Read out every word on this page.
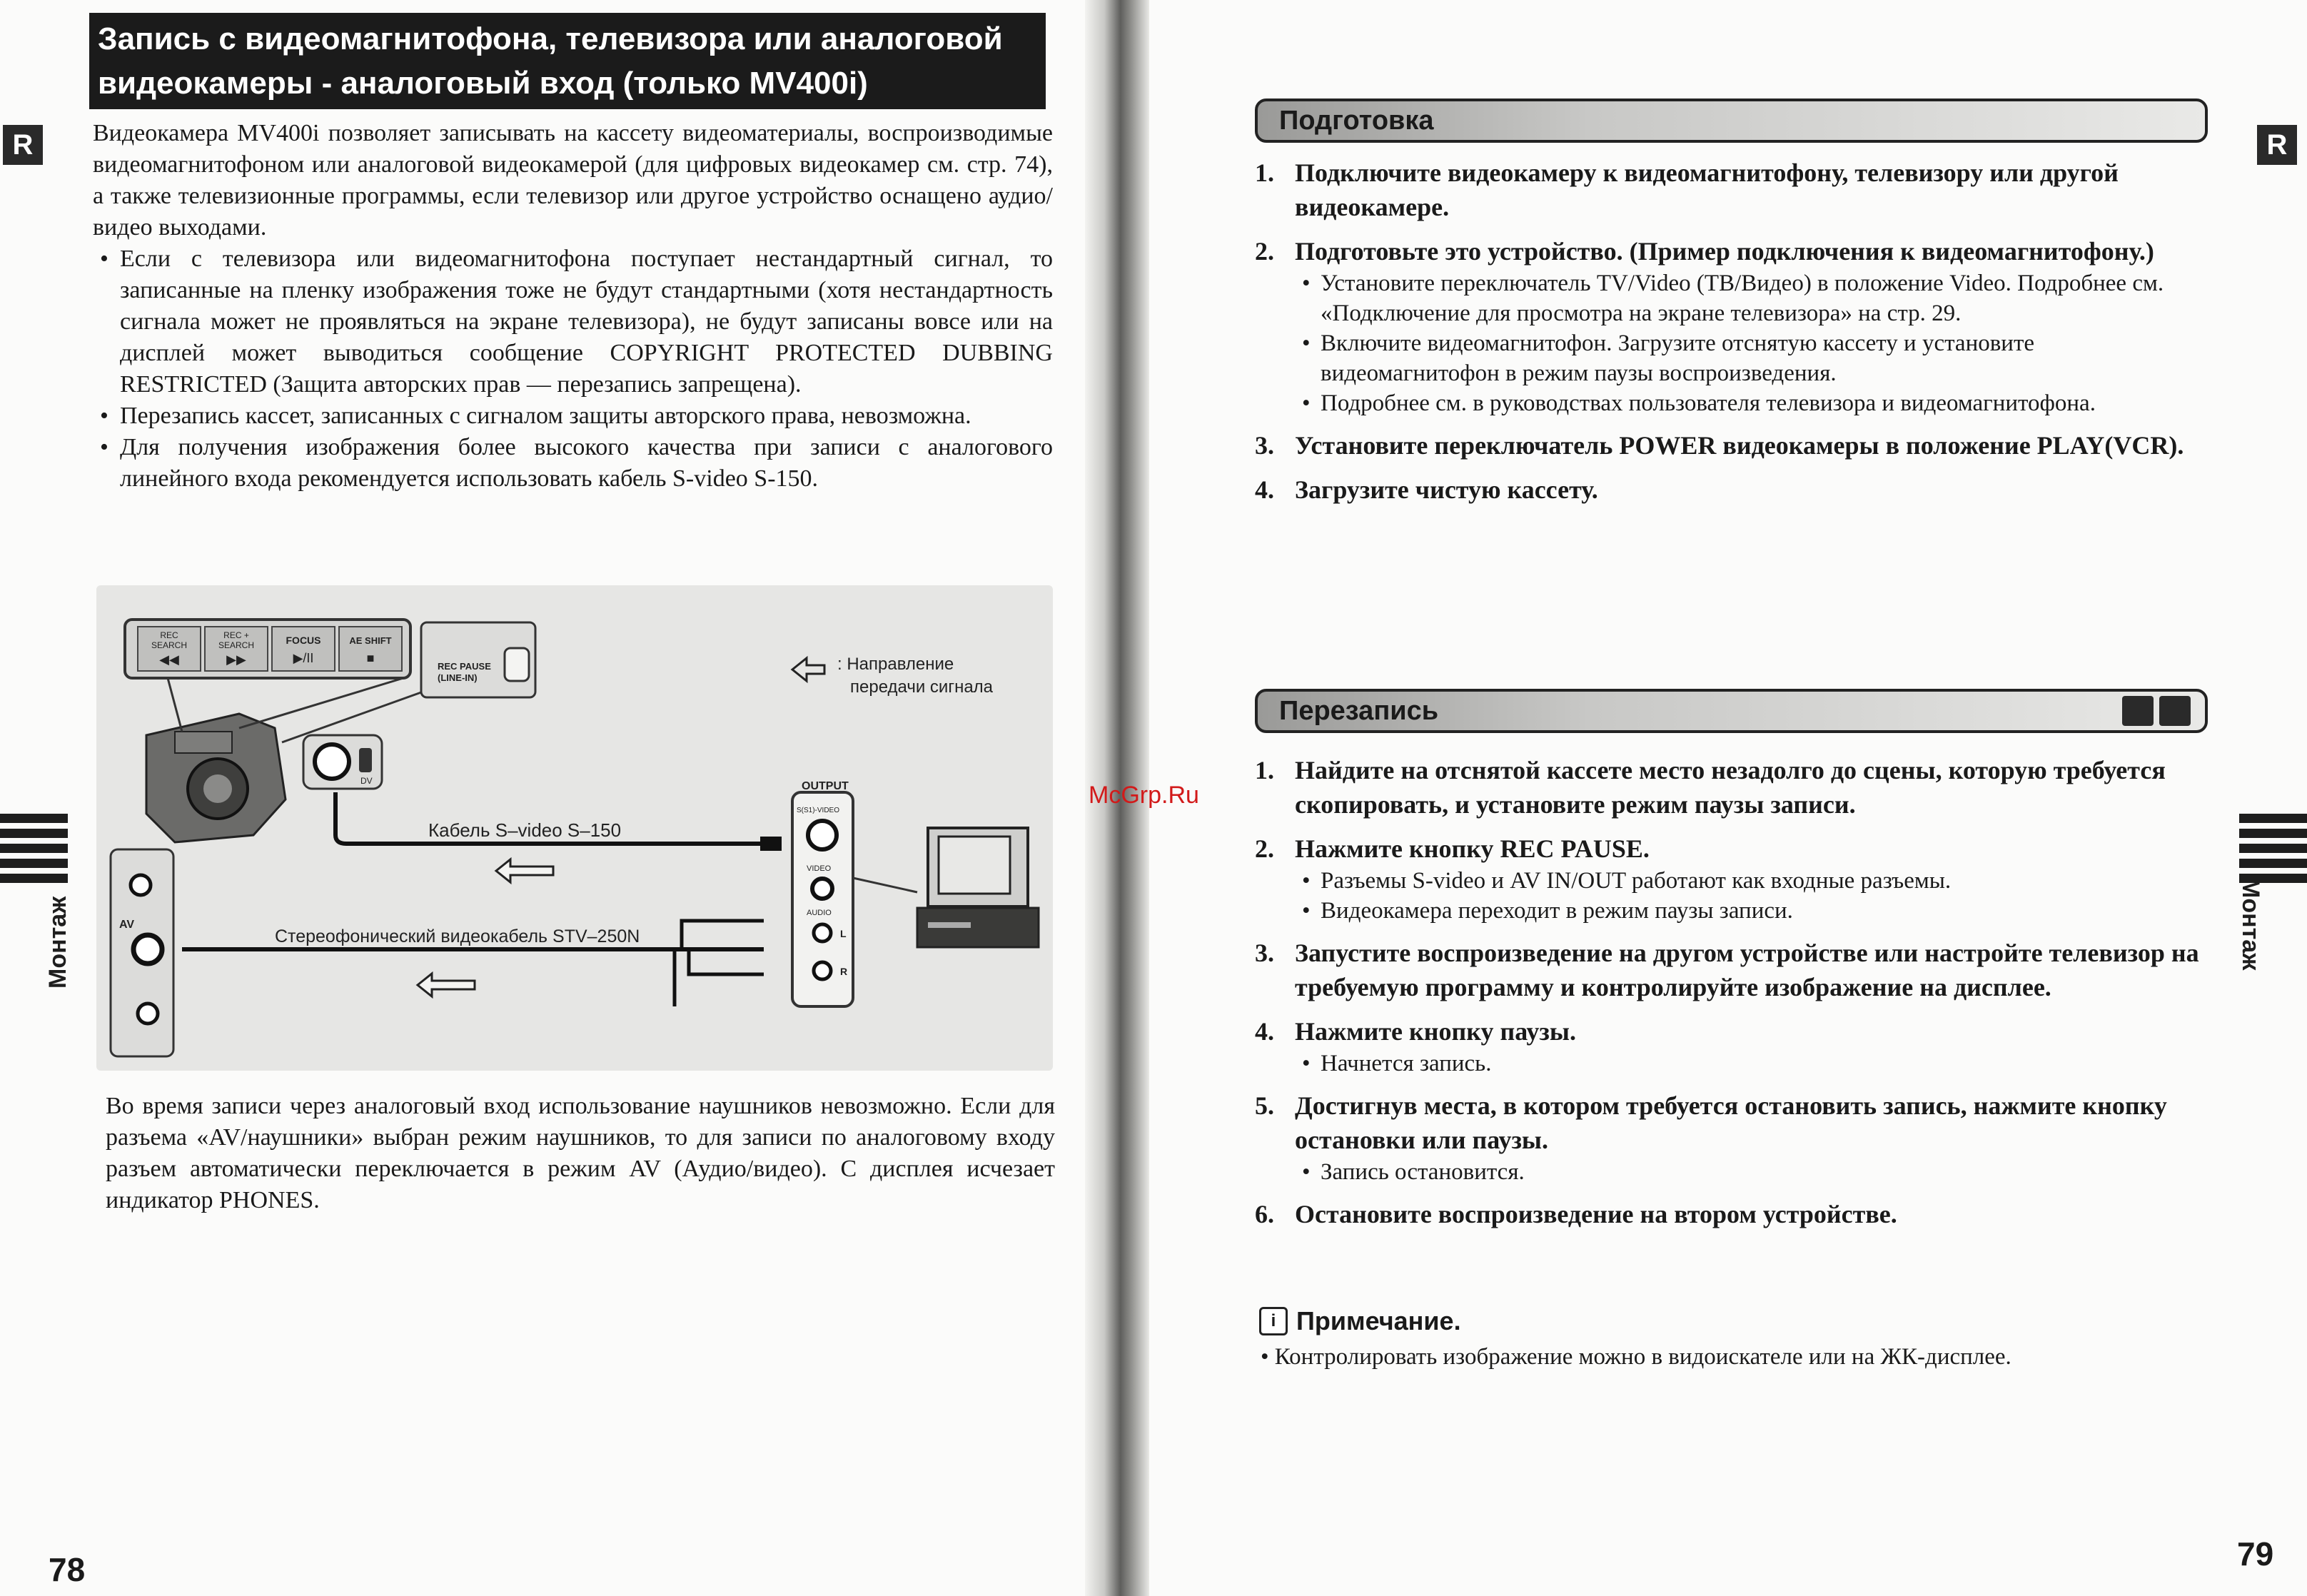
R	R
Монтаж	Монтаж
Запись с видеомагнитофона, телевизора или аналоговой
видеокамеры - аналоговый вход (только MV400i)

Видеокамера MV400i позволяет записывать на кассету видеоматериалы, воспроизводимые видеомагнитофоном или аналоговой видеокамерой (для цифровых видеокамер см. стр. 74), а также телевизионные программы, если телевизор или другое устройство оснащено аудио/видео выходами.

• Если с телевизора или видеомагнитофона поступает нестандартный сигнал, то записанные на пленку изображения тоже не будут стандартными (хотя нестандартность сигнала может не проявляться на экране телевизора), не будут записаны вовсе или на дисплей может выводиться сообщение COPYRIGHT PROTECTED DUBBING RESTRICTED (Защита авторских прав — перезапись запрещена).
• Перезапись кассет, записанных с сигналом защиты авторского права, невозможна.
• Для получения изображения более высокого качества при записи с аналогового линейного входа рекомендуется использовать кабель S-video S-150.
REC
SEARCH
◀◀
REC +
SEARCH
▶▶
FOCUS
▶/II
AE SHIFT
■
REC PAUSE
(LINE-IN)
: Направление
передачи сигнала
DV
Кабель S–video S–150
OUTPUT
S(S1)-VIDEO
VIDEO
AUDIO
L
R
AV
Стереофонический видеокабель STV–250N
Во время записи через аналоговый вход использование наушников невозможно. Если для разъема «AV/наушники» выбран режим наушников, то для записи по аналоговому входу разъем автоматически переключается в режим AV (Аудио/видео). С дисплея исчезает индикатор PHONES.
78
Подготовка
1. Подключите видеокамеру к видеомагнитофону, телевизору или другой видеокамере.
2. Подготовьте это устройство. (Пример подключения к видеомагнитофону.)
• Установите переключатель TV/Video (ТВ/Видео) в положение Video. Подробнее см. «Подключение для просмотра на экране телевизора» на стр. 29.
• Включите видеомагнитофон. Загрузите отснятую кассету и установите видеомагнитофон в режим паузы воспроизведения.
• Подробнее см. в руководствах пользователя телевизора и видеомагнитофона.
3. Установите переключатель POWER видеокамеры в положение PLAY(VCR).
4. Загрузите чистую кассету.
Перезапись
1. Найдите на отснятой кассете место незадолго до сцены, которую требуется скопировать, и установите режим паузы записи.
2. Нажмите кнопку REC PAUSE.
• Разъемы S-video и AV IN/OUT работают как входные разъемы.
• Видеокамера переходит в режим паузы записи.
3. Запустите воспроизведение на другом устройстве или настройте телевизор на требуемую программу и контролируйте изображение на дисплее.
4. Нажмите кнопку паузы.
• Начнется запись.
5. Достигнув места, в котором требуется остановить запись, нажмите кнопку остановки или паузы.
• Запись остановится.
6. Остановите воспроизведение на втором устройстве.
i Примечание.
• Контролировать изображение можно в видоискателе или на ЖК-дисплее.
79
McGrp.Ru
